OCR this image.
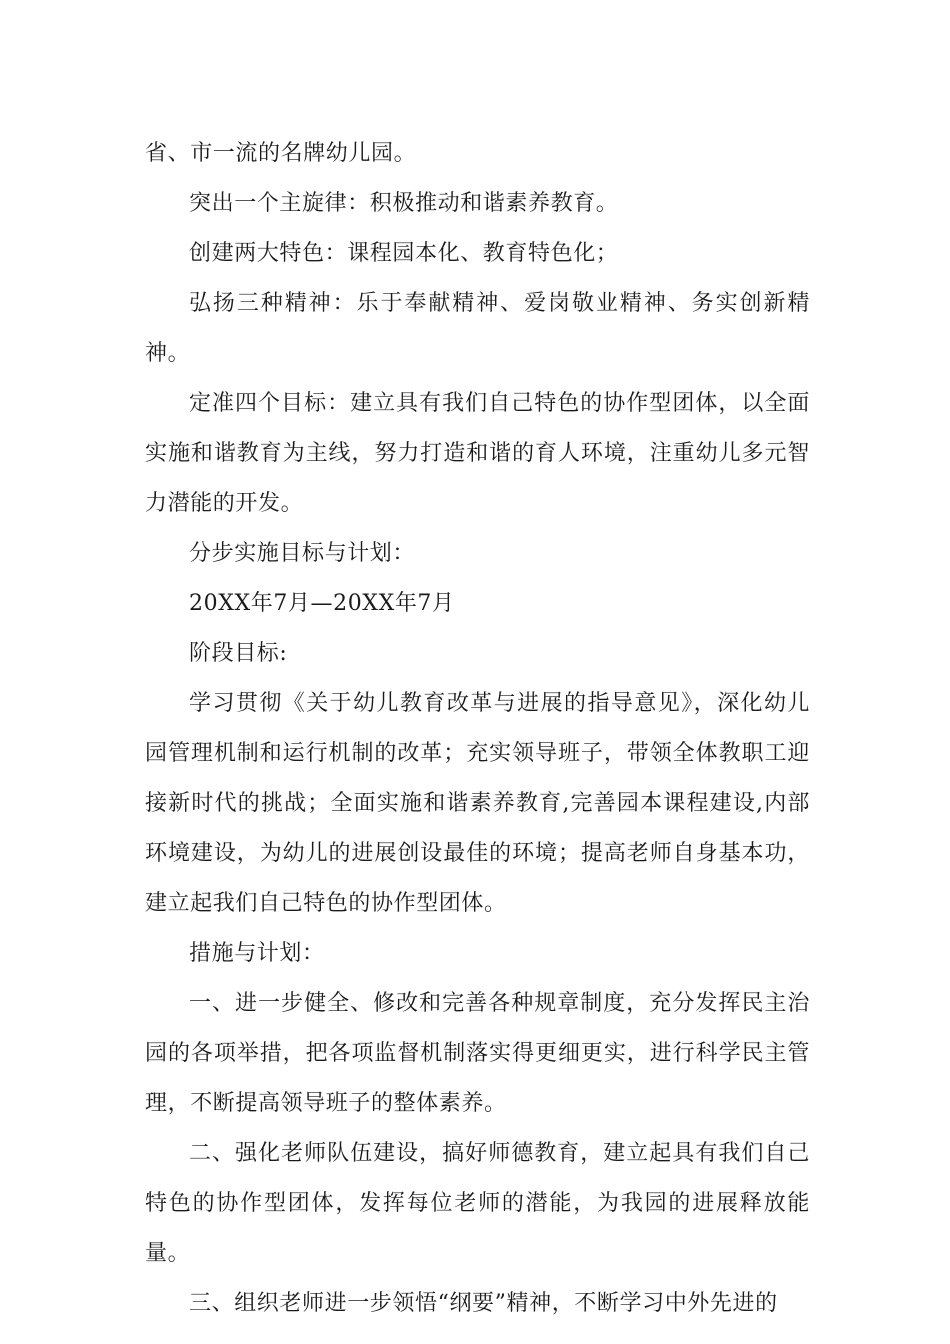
省、市一流的名牌幼儿园。

突出一个主旋律：积极推动和谐素养教育。

创建两大特色：课程园本化、教育特色化；

弘扬三种精神：乐于奉献精神、爱岗敬业精神、务实创新精神。

定准四个目标：建立具有我们自己特色的协作型团体，以全面实施和谐教育为主线，努力打造和谐的育人环境，注重幼儿多元智力潜能的开发。

分步实施目标与计划：

20XX年7月—20XX年7月

阶段目标:

学习贯彻《关于幼儿教育改革与进展的指导意见》，深化幼儿园管理机制和运行机制的改革；充实领导班子，带领全体教职工迎接新时代的挑战；全面实施和谐素养教育,完善园本课程建设,内部环境建设，为幼儿的进展创设最佳的环境；提高老师自身基本功，建立起我们自己特色的协作型团体。

措施与计划：

一、进一步健全、修改和完善各种规章制度，充分发挥民主治园的各项举措，把各项监督机制落实得更细更实，进行科学民主管理，不断提高领导班子的整体素养。

二、强化老师队伍建设，搞好师德教育，建立起具有我们自己特色的协作型团体，发挥每位老师的潜能，为我园的进展释放能量。

三、组织老师进一步领悟“纲要”精神，不断学习中外先进的
